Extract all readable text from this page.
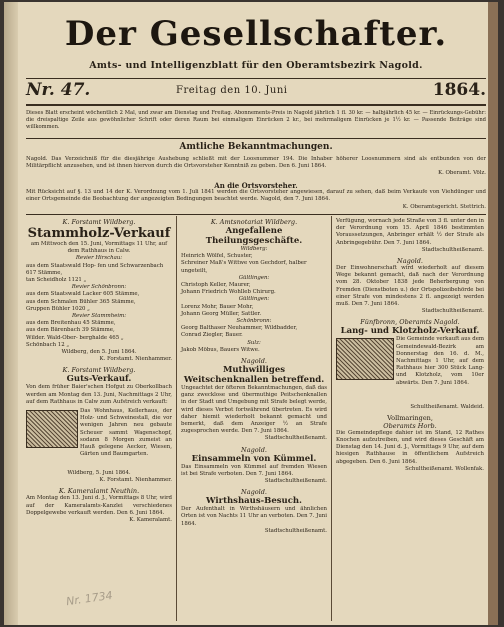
Der Gesellschafter.
Amts- und Intelligenzblatt für den Oberamtsbezirk Nagold.
Nr. 47.	Freitag den 10. Juni	1864.
Dieses Blatt erscheint wöchentlich 2 Mal, und zwar am Dienstag und Freitag. Abonnements-Preis in Nagold jährlich 1 fl. 30 kr. — halbjährlich 45 kr. — Einrückungs-Gebühr: die dreispaltige Zeile aus gewöhnlicher Schrift oder deren Raum bei einmaligem Einrücken 2 kr., bei mehrmaligem Einrücken je 1½ kr. — Passende Beiträge sind willkommen.
Amtliche Bekanntmachungen.
Nagold. Das Verzeichniß für die diesjährige Aushebung schließt mit der Loosnummer 194. Die Inhaber höherer Loosnummern sind als entbunden von der Militärpflicht anzusehen, und ist ihnen hiervon durch die Ortsvorsteher Kenntniß zu geben. Den 6. Juni 1864.
K. Oberamt. Völz.
An die Ortsvorsteher.
Mit Rücksicht auf §. 13 und 14 der K. Verordnung vom 1. Juli 1841 werden die Ortsvorsteher angewiesen, darauf zu sehen, daß beim Verkaufe von Viehdünger und einer Ortsgemeinde die Beobachtung der angezeigten Bedingungen beachtet werde. Nagold, den 7. Juni 1864.
K. Oberamtsgericht. Stettrich.
K. Forstamt Wildberg.
Stammholz-Verkauf
am Mittwoch den 15. Juni, Vormittags 11 Uhr, auf dem Rathhaus in Calw.
Revier Hirschau:
aus dem Staatswald Hop- fen und Schwarzenbach 617 Stämme,
tan Scheidholz 1121 „
Revier Schönbronn:
aus dem Staatswald Lacker 605 Stämme,
aus dem Schmalen Bühler 365 Stämme,
Gruppen Bühler 1020 „
Revier Stammheim:
aus dem Breitenhau 45 Stämme,
aus dem Bärenbach 39 Stämme,
Wilder. Wald-Ober- berghalde 465 „
Schönbach 12 „
Wildberg, den 5. Juni 1864.
K. Forstamt. Nienhammer.
K. Forstamt Wildberg.
Guts-Verkauf.
Von dem früher Baier'schen Hofgut zu Oberkollbach werden am Montag den 13. Juni, Nachmittags 2 Uhr, auf dem Rathhaus in Calw zum Aufstreich verkauft:
Das Wohnhaus, Kellerhaus, der Holz- und Schweinestall, die vor wenigen Jahren neu gebaute Scheuer sammt Wagenschopf, sodann 8 Morgen zumeist an Hauß gelegene Aecker, Wiesen, Gärten und Baumgarten.
Wildberg, 5. Juni 1864.
K. Forstamt. Nienhammer.
K. Kameralamt Neuthin.
Am Montag den 13. Juni d. J., Vormittags 8 Uhr, wird auf der Kameralamts-Kanzlei verschiedenes Doppelgewebe verkauft werden. Den 6. Juni 1864.
K. Kameralamt.
K. Amtsnotariat Wildberg.
Angefallene Theilungsgeschäfte.
Wildberg:
Heinrich Wölfel, Schuster,
Schreiner Maß's Wittwe von Gechdorf, halber ungeteilt,
Gültlingen:
Christoph Keller, Maurer,
Johann Friedrich Wohlleb Chirurg.
Gültlingen:
Lorenz Mohr, Bauer Mohr,
Johann Georg Müller, Sattler.
Schönbronn:
Georg Balthaser Neuhammer, Wildbadder,
Conrad Ziegler, Bauer.
Sulz:
Jakob Möbus, Bauers Witwe.
Nagold.
Muthwilliges Weitschenknallen betreffend.
Ungeachtet der öfteren Bekanntmachungen, daß das ganz zwecklose und übermuthige Peitschenknallen in der Stadt und Umgebung mit Strafe belegt werde, wird dieses Verbot fortwährend übertreten. Es wird daher hiemit wiederholt bekannt gemacht und bemerkt, daß dem Anzeiger ½ an Strafe zugesprochen werde. Den 7. Juni 1864.
Stadtschultheißenamt.
Nagold.
Einsammeln von Kümmel.
Das Einsammeln von Kümmel auf fremden Wiesen ist bei Strafe verboten. Den 7. Juni 1864.
Stadtschultheißenamt.
Nagold.
Wirthshaus-Besuch.
Der Aufenthalt in Wirthshäusern und ähnlichen Orten ist von Nachts 11 Uhr an verboten. Den 7. Juni 1864.
Stadtschultheißenamt.
Verfügung, wornach jede Straße von 3 fl. unter den in der Verordnung vom 15. April 1846 bestimmten Voraussetzungen, Anbringer erhält ½ der Strafe als Anbringegebühr. Den 7. Juni 1864.
Stadtschultheißenamt.
Nagold.
Der Einwohnerschaft wird wiederholt auf diesem Wege bekannt gemacht, daß nach der Verordnung vom 28. Oktober 1838 jede Beherbergung von Fremden (Dienstboten u.) der Ortspolizeibehörde bei einer Strafe von mindestens 2 fl. angezeigt werden muß. Den 7. Juni 1864.
Stadtschultheißenamt.
Fünfbronn, Oberamts Nagold.
Lang- und Klotzholz-Verkauf.
Die Gemeinde verkauft aus dem Gemeindewald-Bezirk am Donnerstag den 16. d. M., Nachmittags 1 Uhr, auf dem Rathhaus hier 300 Stück Lang- und Klotzholz, vom 10er abwärts. Den 7. Juni 1864.
Schultheißenamt. Waldeid.
Vollmaringen,
Oberamts Horb.
Die Gemeindepflege dahier ist im Stand, 12 Rathes Knochen aufzutreiben, und wird dieses Geschäft am Dienstag den 14. Juni d. J., Vormittags 9 Uhr, auf dem hiesigen Rathhause in öffentlichem Aufstreich abgegeben. Den 6. Juni 1864.
Schultheißenamt. Wollenfak.
Nr. 1734
